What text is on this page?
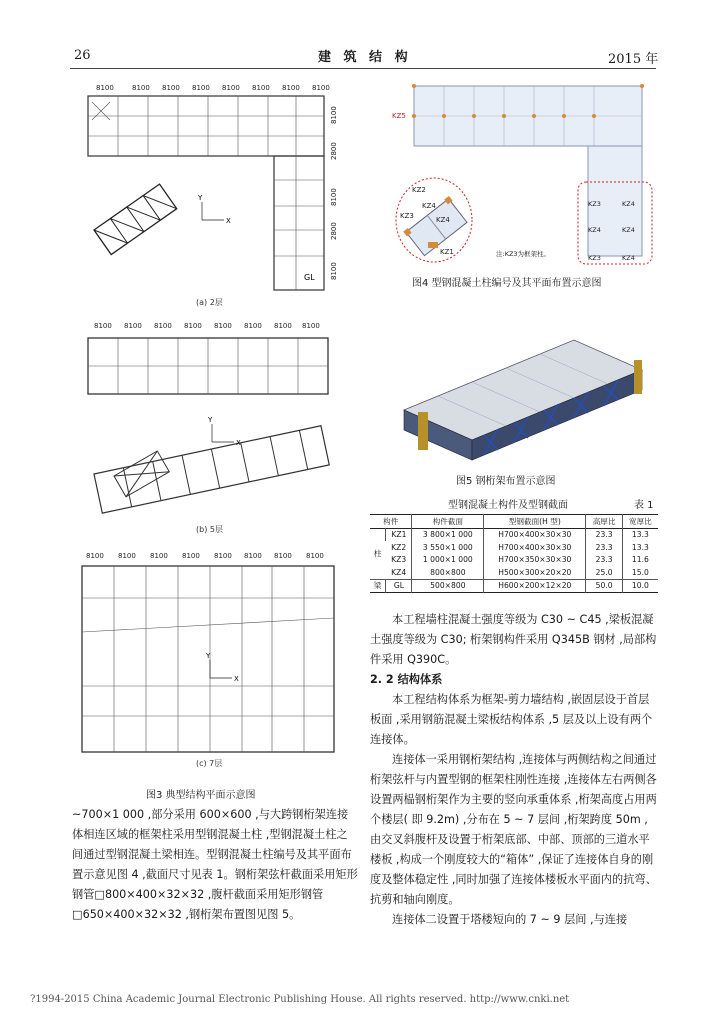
26	建 筑 结 构	2015 年
8100	8100 8100 8100 8100 8100 8100 8100
8100
2800
8100
2800
8100
GL
X
Y
(a) 2层
8100 8100 8100 8100 8100 8100 8100 8100
X
Y
(b) 5层
8100 8100 8100 8100 8100 8100 8100 8100
X
Y
(c) 7层
图3 典型结构平面示意图

~700×1 000 ,部分采用 600×600 ,与大跨钢桁架连接体相连区域的框架柱采用型钢混凝土柱 ,型钢混凝土柱之间通过型钢混凝土梁相连。型钢混凝土柱编号及其平面布置示意见图 4 ,截面尺寸见表 1。钢桁架弦杆截面采用矩形钢管□800×400×32×32 ,腹杆截面采用矩形钢管□650×400×32×32 ,钢桁架布置图见图 5。

KZ5
KZ2
KZ4
KZ3	KZ4
KZ1
KZ3	KZ4
KZ4	KZ4
KZ3	KZ4
注:KZ3为框架柱。
图4 型钢混凝土柱编号及其平面布置示意图
图5 钢桁架布置示意图
型钢混凝土构件及型钢截面	表 1
构件		构件截面	型钢截面(H 型)	高厚比	宽厚比
柱	KZ1	3 800×1 000	H700×400×30×30	23.3	13.3
	KZ2	3 550×1 000	H700×400×30×30	23.3	13.3
	KZ3	1 000×1 000	H700×350×30×30	23.3	11.6
	KZ4	800×800	H500×300×20×20	25.0	15.0
梁	GL	500×800	H600×200×12×20	50.0	10.0

本工程墙柱混凝土强度等级为 C30 ~ C45 ,梁板混凝土强度等级为 C30; 桁架钢构件采用 Q345B 钢材 ,局部构件采用 Q390C。

2. 2 结构体系

本工程结构体系为框架-剪力墙结构 ,嵌固层设于首层板面 ,采用钢筋混凝土梁板结构体系 ,5 层及以上设有两个连接体。

连接体一采用钢桁架结构 ,连接体与两侧结构之间通过桁架弦杆与内置型钢的框架柱刚性连接 ,连接体左右两侧各设置两榀钢桁架作为主要的竖向承重体系 ,桁架高度占用两个楼层( 即 9.2m) ,分布在 5 ~ 7 层间 ,桁架跨度 50m ,由交叉斜腹杆及设置于桁架底部、中部、顶部的三道水平楼板 ,构成一个刚度较大的“箱体” ,保证了连接体自身的刚度及整体稳定性 ,同时加强了连接体楼板水平面内的抗弯、抗剪和轴向刚度。

连接体二设置于塔楼短向的 7 ~ 9 层间 ,与连接

?1994-2015 China Academic Journal Electronic Publishing House. All rights reserved. http://www.cnki.net
